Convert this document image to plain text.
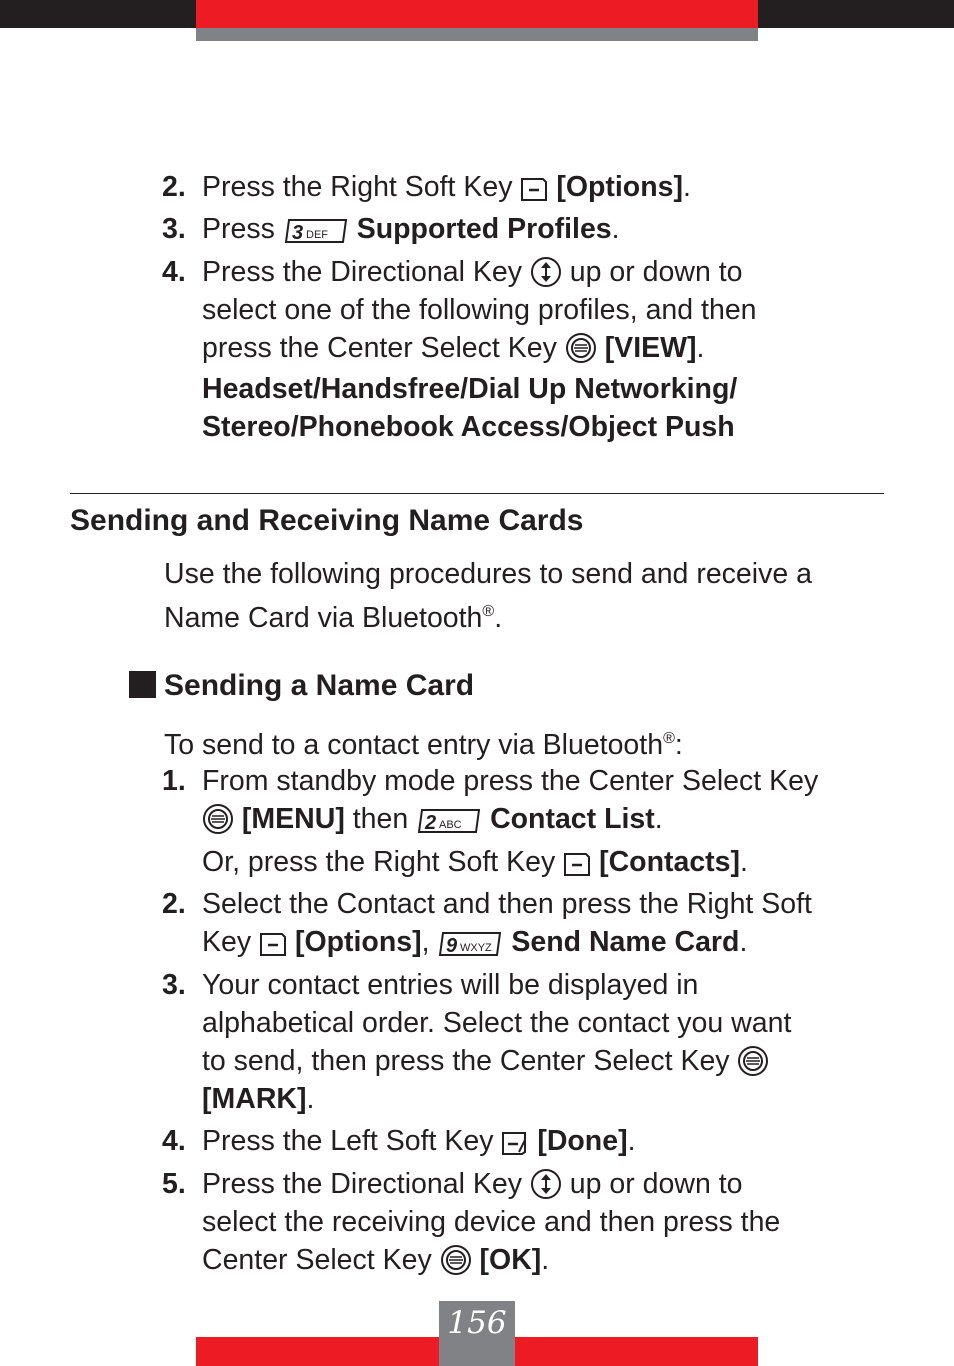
2. Press the Right Soft Key  [Options].
3. Press 3 DEF Supported Profiles.
4. Press the Directional Key  up or down to
select one of the following profiles, and then
press the Center Select Key  [VIEW].
Headset/Handsfree/Dial Up Networking/
Stereo/Phonebook Access/Object Push
Sending and Receiving Name Cards
Use the following procedures to send and receive a
Name Card via Bluetooth®.
Sending a Name Card
To send to a contact entry via Bluetooth®:
1. From standby mode press the Center Select Key
[MENU] then 2 ABC Contact List.
Or, press the Right Soft Key  [Contacts].
2. Select the Contact and then press the Right Soft
Key  [Options], 9 WXYZ Send Name Card.
3. Your contact entries will be displayed in
alphabetical order. Select the contact you want
to send, then press the Center Select Key
[MARK].
4. Press the Left Soft Key  [Done].
5. Press the Directional Key  up or down to
select the receiving device and then press the
Center Select Key  [OK].
156
